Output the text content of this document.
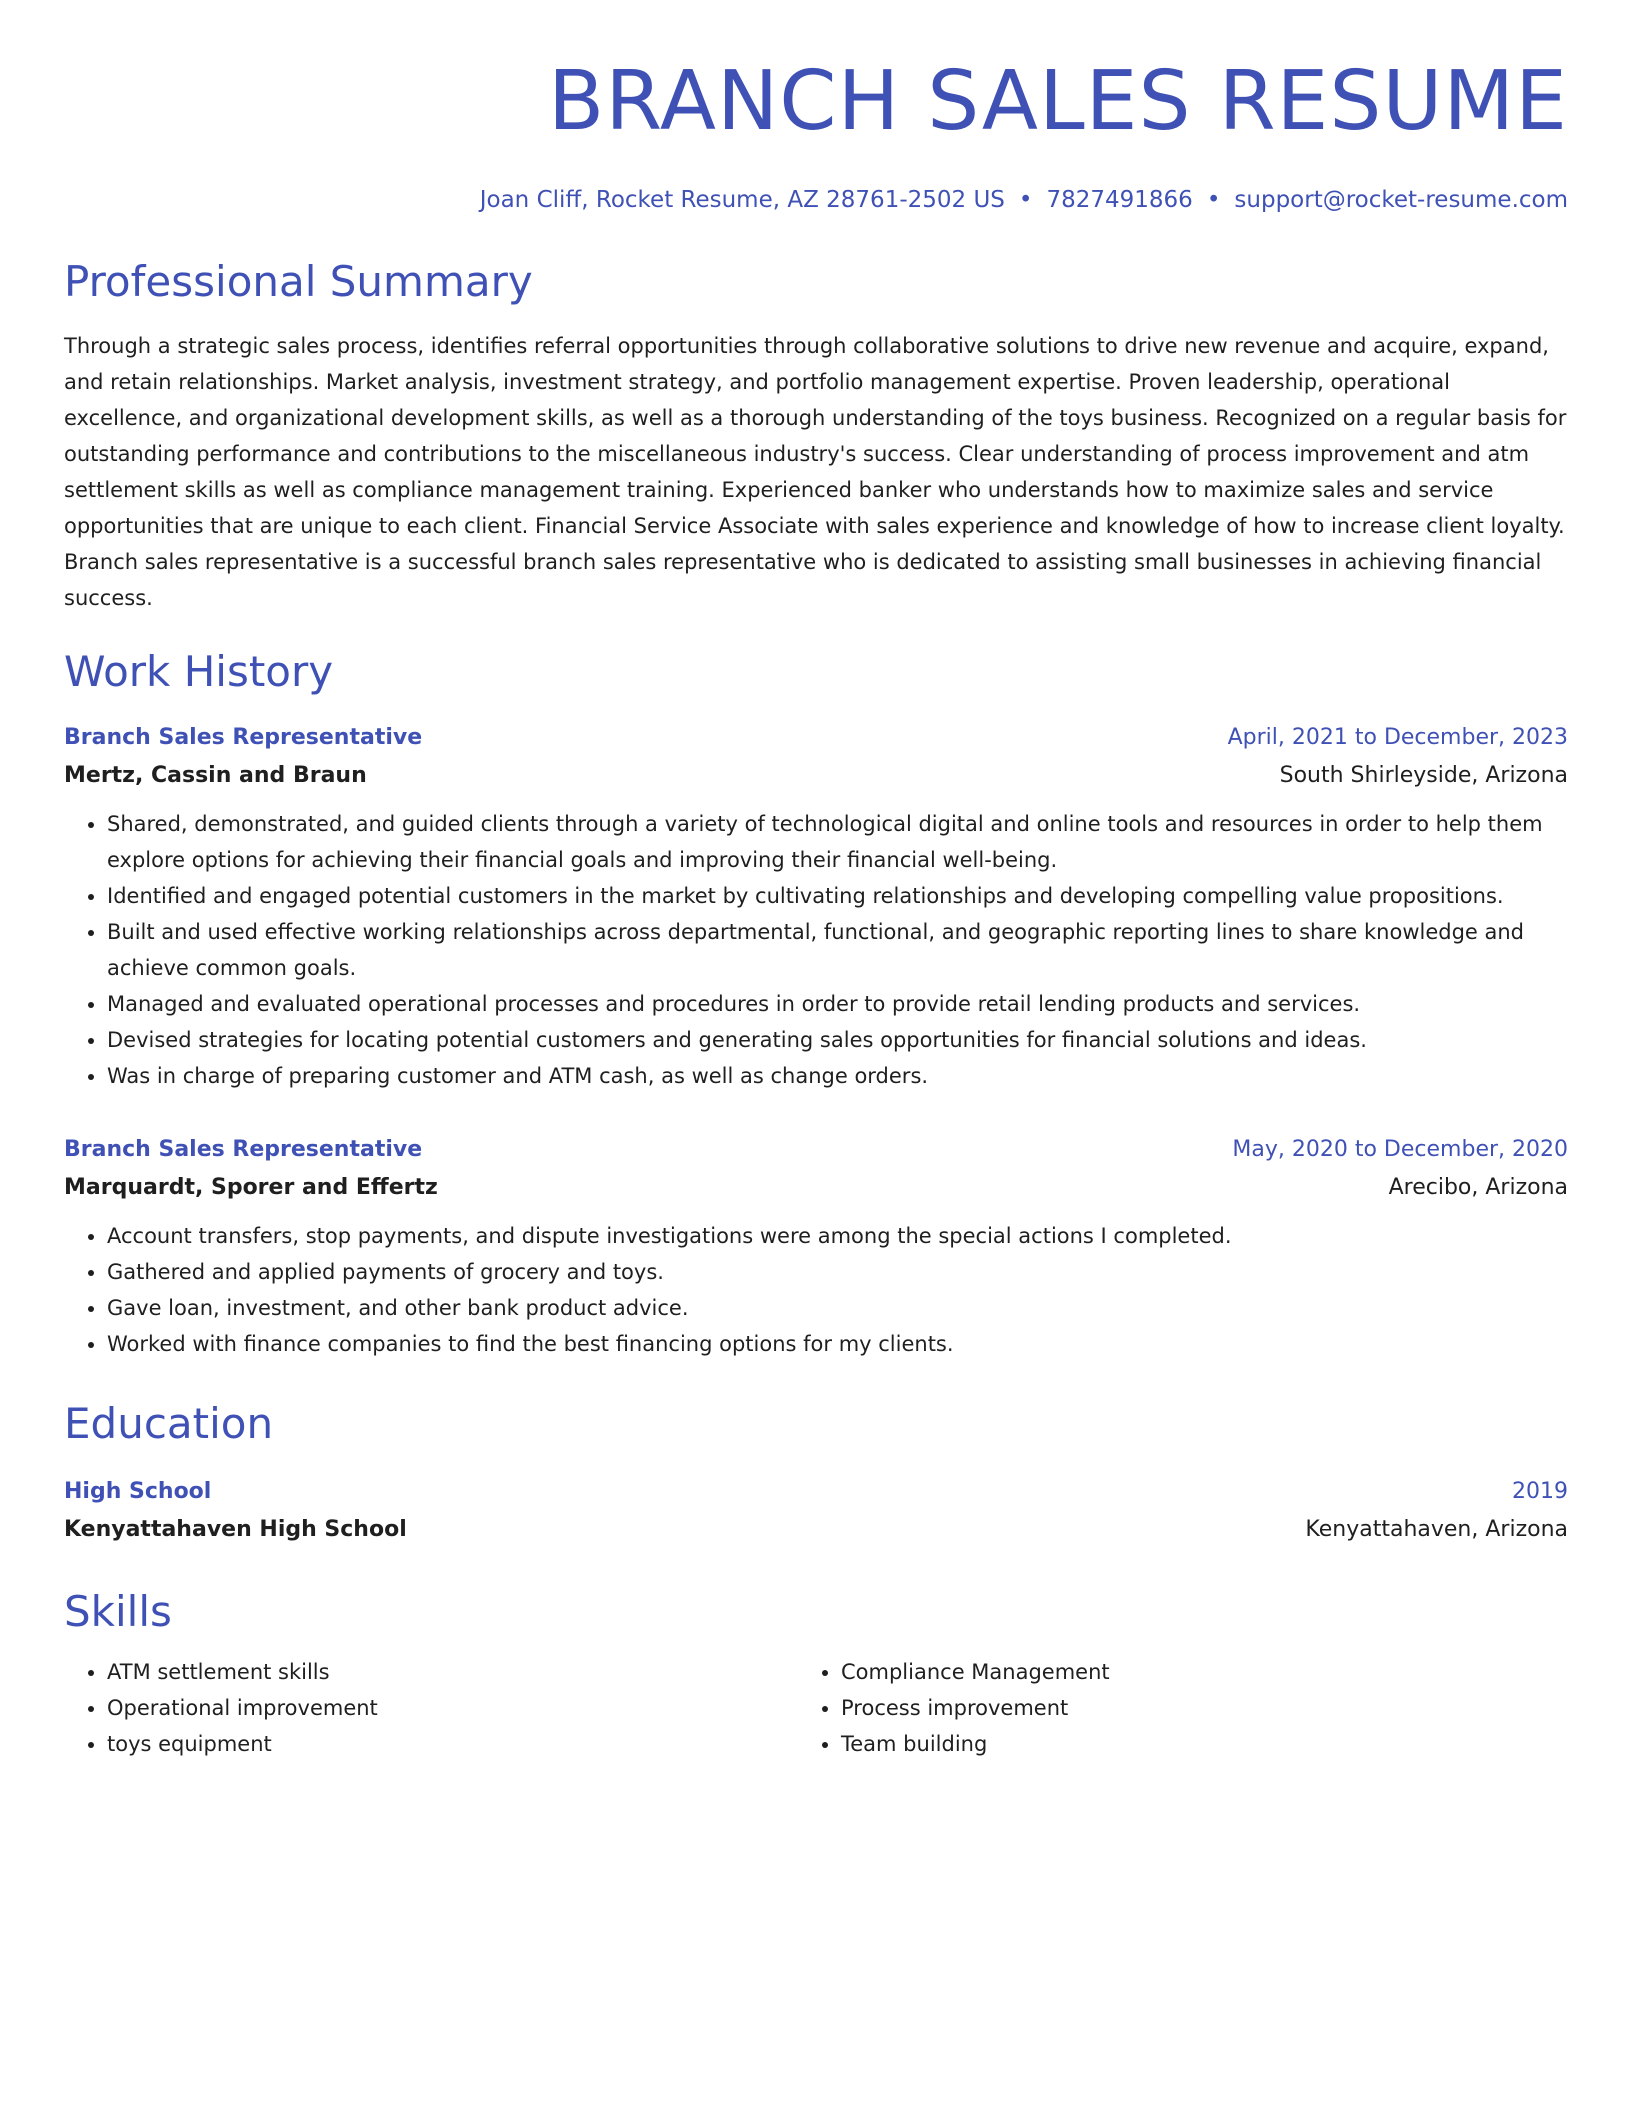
BRANCH SALES RESUME
Joan Cliff, Rocket Resume, AZ 28761-2502 US • 7827491866 • support@rocket-resume.com
Professional Summary
Through a strategic sales process, identifies referral opportunities through collaborative solutions to drive new revenue and acquire, expand, and retain relationships. Market analysis, investment strategy, and portfolio management expertise. Proven leadership, operational excellence, and organizational development skills, as well as a thorough understanding of the toys business. Recognized on a regular basis for outstanding performance and contributions to the miscellaneous industry's success. Clear understanding of process improvement and atm settlement skills as well as compliance management training. Experienced banker who understands how to maximize sales and service opportunities that are unique to each client. Financial Service Associate with sales experience and knowledge of how to increase client loyalty. Branch sales representative is a successful branch sales representative who is dedicated to assisting small businesses in achieving financial success.
Work History
Branch Sales Representative	April, 2021 to December, 2023
Mertz, Cassin and Braun	South Shirleyside, Arizona
• Shared, demonstrated, and guided clients through a variety of technological digital and online tools and resources in order to help them explore options for achieving their financial goals and improving their financial well-being.
• Identified and engaged potential customers in the market by cultivating relationships and developing compelling value propositions.
• Built and used effective working relationships across departmental, functional, and geographic reporting lines to share knowledge and achieve common goals.
• Managed and evaluated operational processes and procedures in order to provide retail lending products and services.
• Devised strategies for locating potential customers and generating sales opportunities for financial solutions and ideas.
• Was in charge of preparing customer and ATM cash, as well as change orders.
Branch Sales Representative	May, 2020 to December, 2020
Marquardt, Sporer and Effertz	Arecibo, Arizona
• Account transfers, stop payments, and dispute investigations were among the special actions I completed.
• Gathered and applied payments of grocery and toys.
• Gave loan, investment, and other bank product advice.
• Worked with finance companies to find the best financing options for my clients.
Education
High School	2019
Kenyattahaven High School	Kenyattahaven, Arizona
Skills
• ATM settlement skills
• Operational improvement
• toys equipment
• Compliance Management
• Process improvement
• Team building
